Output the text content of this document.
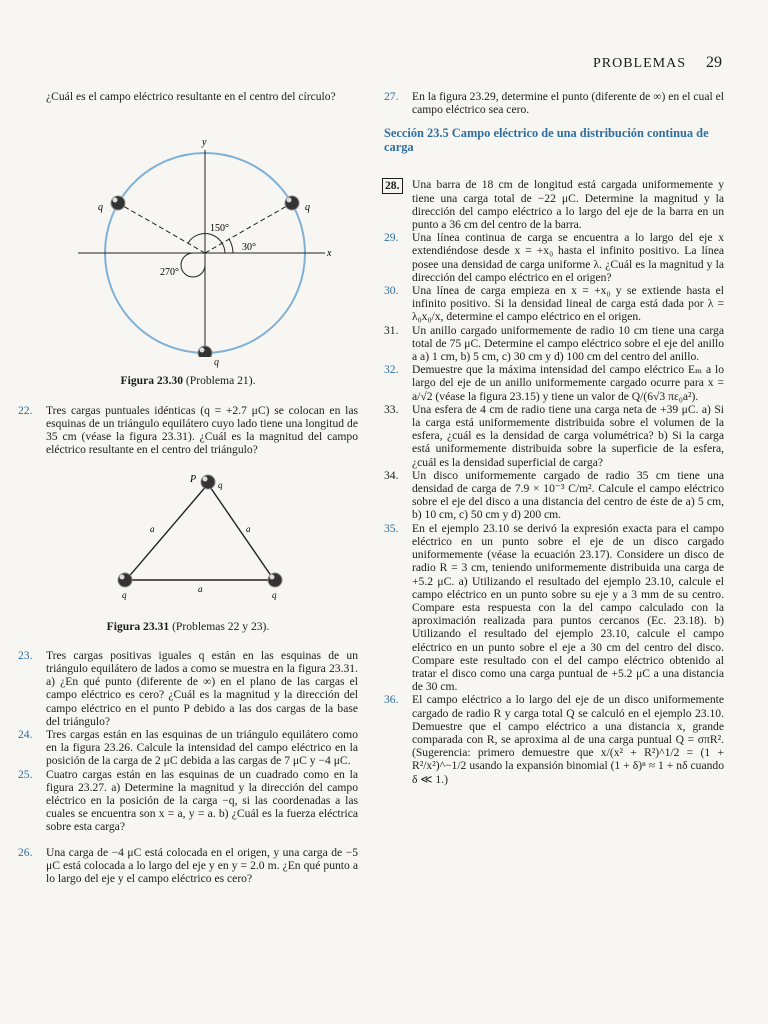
PROBLEMAS 29

¿Cuál es el campo eléctrico resultante en el centro del círculo?

y
x
150°
30°
270°
q	q
q

Figura 23.30 (Problema 21).

22. Tres cargas puntuales idénticas (q = +2.7 μC) se colocan en las esquinas de un triángulo equilátero cuyo lado tiene una longitud de 35 cm (véase la figura 23.31). ¿Cuál es la magnitud del campo eléctrico resultante en el centro del triángulo?
P q
a	a
a
q	q

Figura 23.31 (Problemas 22 y 23).

23. Tres cargas positivas iguales q están en las esquinas de un triángulo equilátero de lados a como se muestra en la figura 23.31. a) ¿En qué punto (diferente de ∞) en el plano de las cargas el campo eléctrico es cero? ¿Cuál es la magnitud y la dirección del campo eléctrico en el punto P debido a las dos cargas de la base del triángulo?
24. Tres cargas están en las esquinas de un triángulo equilátero como en la figura 23.26. Calcule la intensidad del campo eléctrico en la posición de la carga de 2 μC debida a las cargas de 7 μC y −4 μC.
25. Cuatro cargas están en las esquinas de un cuadrado como en la figura 23.27. a) Determine la magnitud y la dirección del campo eléctrico en la posición de la carga −q, si las coordenadas a las cuales se encuentra son x = a, y = a. b) ¿Cuál es la fuerza eléctrica sobre esta carga?
26. Una carga de −4 μC está colocada en el origen, y una carga de −5 μC está colocada a lo largo del eje y en y = 2.0 m. ¿En qué punto a lo largo del eje y el campo eléctrico es cero?
27. En la figura 23.29, determine el punto (diferente de ∞) en el cual el campo eléctrico sea cero.
Sección 23.5 Campo eléctrico de una distribución continua de carga
28. Una barra de 18 cm de longitud está cargada uniformemente y tiene una carga total de −22 μC. Determine la magnitud y la dirección del campo eléctrico a lo largo del eje de la barra en un punto a 36 cm del centro de la barra.
29. Una línea continua de carga se encuentra a lo largo del eje x extendiéndose desde x = +x₀ hasta el infinito positivo. La línea posee una densidad de carga uniforme λ. ¿Cuál es la magnitud y la dirección del campo eléctrico en el origen?
30. Una línea de carga empieza en x = +x₀ y se extiende hasta el infinito positivo. Si la densidad lineal de carga está dada por λ = λ₀x₀/x, determine el campo eléctrico en el origen.
31. Un anillo cargado uniformemente de radio 10 cm tiene una carga total de 75 μC. Determine el campo eléctrico sobre el eje del anillo a a) 1 cm, b) 5 cm, c) 30 cm y d) 100 cm del centro del anillo.
32. Demuestre que la máxima intensidad del campo eléctrico Eₘ a lo largo del eje de un anillo uniformemente cargado ocurre para x = a/√2 (véase la figura 23.15) y tiene un valor de Q/(6√3 πε₀a²).
33. Una esfera de 4 cm de radio tiene una carga neta de +39 μC. a) Si la carga está uniformemente distribuida sobre el volumen de la esfera, ¿cuál es la densidad de carga volumétrica? b) Si la carga está uniformemente distribuida sobre la superficie de la esfera, ¿cuál es la densidad superficial de carga?
34. Un disco uniformemente cargado de radio 35 cm tiene una densidad de carga de 7.9 × 10⁻³ C/m². Calcule el campo eléctrico sobre el eje del disco a una distancia del centro de éste de a) 5 cm, b) 10 cm, c) 50 cm y d) 200 cm.
35. En el ejemplo 23.10 se derivó la expresión exacta para el campo eléctrico en un punto sobre el eje de un disco cargado uniformemente (véase la ecuación 23.17). Considere un disco de radio R = 3 cm, teniendo uniformemente distribuida una carga de +5.2 μC. a) Utilizando el resultado del ejemplo 23.10, calcule el campo eléctrico en un punto sobre su eje y a 3 mm de su centro. Compare esta respuesta con la del campo calculado con la aproximación realizada para puntos cercanos (Ec. 23.18). b) Utilizando el resultado del ejemplo 23.10, calcule el campo eléctrico en un punto sobre el eje a 30 cm del centro del disco. Compare este resultado con el del campo eléctrico obtenido al tratar el disco como una carga puntual de +5.2 μC a una distancia de 30 cm.
36. El campo eléctrico a lo largo del eje de un disco uniformemente cargado de radio R y carga total Q se calculó en el ejemplo 23.10. Demuestre que el campo eléctrico a una distancia x, grande comparada con R, se aproxima al de una carga puntual Q = σπR². (Sugerencia: primero demuestre que x/(x² + R²)^1/2 = (1 + R²/x²)^−1/2 usando la expansión binomial (1 + δ)ⁿ ≈ 1 + nδ cuando δ ≪ 1.)
